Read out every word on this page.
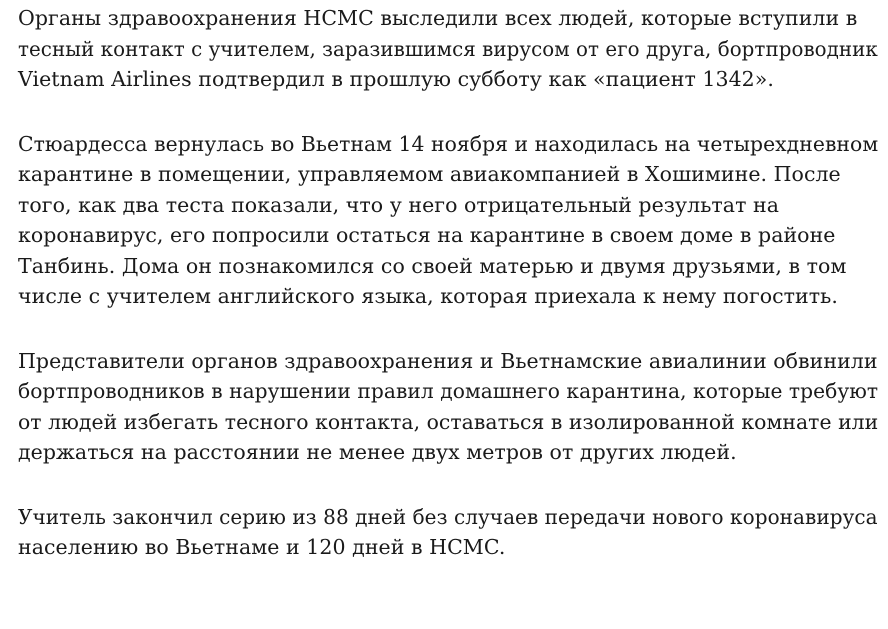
Органы здравоохранения HCMC выследили всех людей, которые вступили в
тесный контакт с учителем, заразившимся вирусом от его друга, бортпроводник

Vietnam Airlines подтвердил в прошлую субботу как «пациент 1342».

Стюардесса вернулась во Вьетнам 14 ноября и находилась на четырехдневном

карантине в помещении, управляемом авиакомпанией в Хошимине. После
того, как два теста показали, что у него отрицательный результат на
коронавирус, его попросили остаться на карантине в своем доме в районе
Танбинь. Дома он познакомился со своей матерью и двумя друзьями, в том
числе с учителем английского языка, которая приехала к нему погостить.

Представители органов здравоохранения и Вьетнамские авиалинии обвинили
бортпроводников в нарушении правил домашнего карантина, которые требуют
от людей избегать тесного контакта, оставаться в изолированной комнате или

держаться на расстоянии не менее двух метров от других людей.

Учитель закончил серию из 88 дней без случаев передачи нового коронавируса

населению во Вьетнаме и 120 дней в HCMC.
